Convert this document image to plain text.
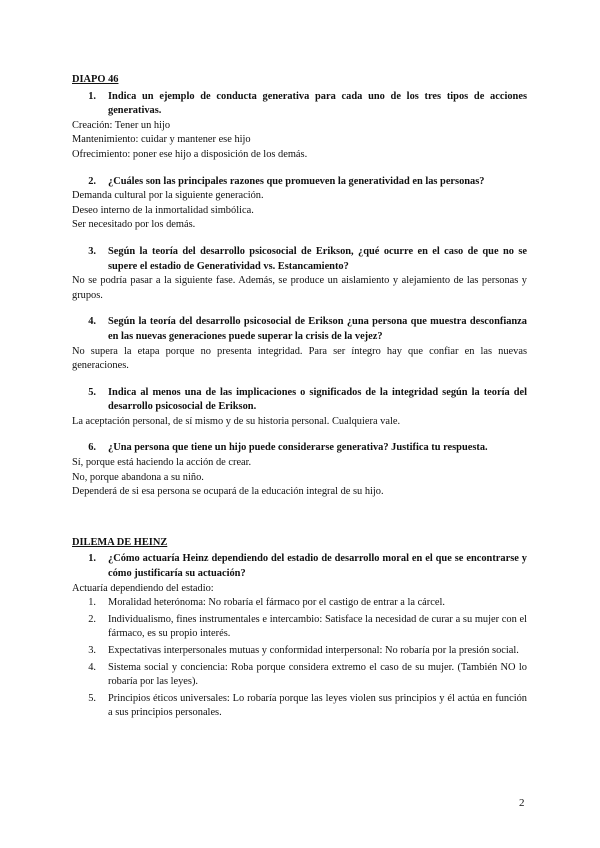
DIAPO 46

1.	Indica un ejemplo de conducta generativa para cada uno de los tres tipos de acciones generativas.

Creación: Tener un hijo

Mantenimiento: cuidar y mantener ese hijo

Ofrecimiento: poner ese hijo a disposición de los demás.

2.	¿Cuáles son las principales razones que promueven la generatividad en las personas?

Demanda cultural por la siguiente generación.

Deseo interno de la inmortalidad simbólica.

Ser necesitado por los demás.

3.	Según la teoría del desarrollo psicosocial de Erikson, ¿qué ocurre en el caso de que no se supere el estadio de Generatividad vs. Estancamiento?

No se podría pasar a la siguiente fase. Además, se produce un aislamiento y alejamiento de las personas y grupos.

4.	Según la teoría del desarrollo psicosocial de Erikson ¿una persona que muestra desconfianza en las nuevas generaciones puede superar la crisis de la vejez?

No supera la etapa porque no presenta integridad. Para ser íntegro hay que confiar en las nuevas generaciones.

5.	Indica al menos una de las implicaciones o significados de la integridad según la teoría del desarrollo psicosocial de Erikson.

La aceptación personal, de sí mismo y de su historia personal. Cualquiera vale.

6.	¿Una persona que tiene un hijo puede considerarse generativa? Justifica tu respuesta.

Sí, porque está haciendo la acción de crear.

No, porque abandona a su niño.

Dependerá de si esa persona se ocupará de la educación integral de su hijo.

DILEMA DE HEINZ

1.	¿Cómo actuaría Heinz dependiendo del estadio de desarrollo moral en el que se encontrarse y cómo justificaría su actuación?

Actuaría dependiendo del estadio:

1.	Moralidad heterónoma: No robaría el fármaco por el castigo de entrar a la cárcel.
2.	Individualismo, fines instrumentales e intercambio: Satisface la necesidad de curar a su mujer con el fármaco, es su propio interés.
3.	Expectativas interpersonales mutuas y conformidad interpersonal: No robaría por la presión social.
4.	Sistema social y conciencia: Roba porque considera extremo el caso de su mujer. (También NO lo robaría por las leyes).
5.	Principios éticos universales: Lo robaría porque las leyes violen sus principios y él actúa en función a sus principios personales.
2
